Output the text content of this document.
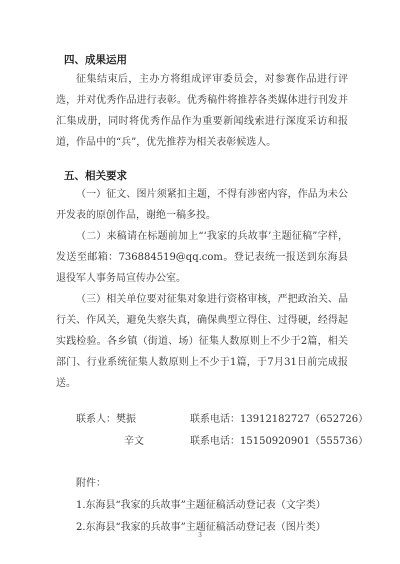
四、成果运用

征集结束后，主办方将组成评审委员会，对参赛作品进行评选，并对优秀作品进行表彰。优秀稿件将推荐各类媒体进行刊发并汇集成册，同时将优秀作品作为重要新闻线索进行深度采访和报道，作品中的“兵”，优先推荐为相关表彰候选人。

五、相关要求

（一）征文、图片须紧扣主题，不得有涉密内容，作品为未公开发表的原创作品，谢绝一稿多投。

（二）来稿请在标题前加上“‘我家的兵故事’主题征稿”字样，发送至邮箱：736884519@qq.com。登记表统一报送到东海县退役军人事务局宣传办公室。

（三）相关单位要对征集对象进行资格审核，严把政治关、品行关、作风关，避免失察失真，确保典型立得住、过得硬，经得起实践检验。各乡镇（街道、场）征集人数原则上不少于2篇，相关部门、行业系统征集人数原则上不少于1篇，于7月31日前完成报送。

联系人：樊振	联系电话：13912182727（652726）
辛文	联系电话：15150920901（555736）
附件：
1.东海县“我家的兵故事”主题征稿活动登记表（文字类）
2.东海县“我家的兵故事”主题征稿活动登记表（图片类）
3
